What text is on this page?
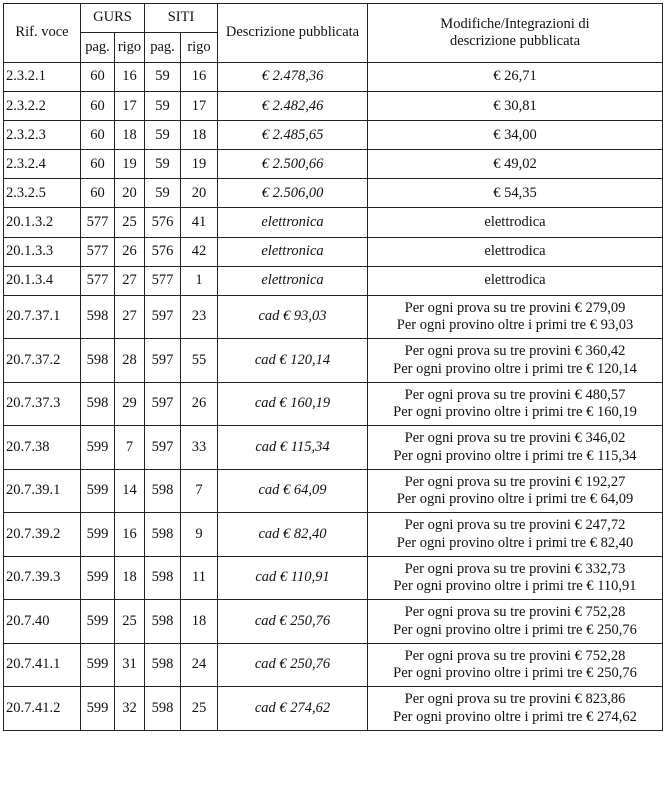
Rif. voce	GURS		SITI		Descrizione pubblicata	Modifiche/Integrazioni di
descrizione pubblicata

	pag.	rigo	pag.	rigo		
2.3.2.1	60	16	59	16	€ 2.478,36	€ 26,71

2.3.2.2	60	17	59	17	€ 2.482,46	€ 30,81

2.3.2.3	60	18	59	18	€ 2.485,65	€ 34,00

2.3.2.4	60	19	59	19	€ 2.500,66	€ 49,02

2.3.2.5	60	20	59	20	€ 2.506,00	€ 54,35

20.1.3.2	577	25	576	41	elettronica	elettrodica

20.1.3.3	577	26	576	42	elettronica	elettrodica

20.1.3.4	577	27	577	1	elettronica	elettrodica

20.7.37.1	598	27	597	23	cad € 93,03	Per ogni prova su tre provini € 279,09
Per ogni provino oltre i primi tre € 93,03

20.7.37.2	598	28	597	55	cad € 120,14	Per ogni prova su tre provini € 360,42
Per ogni provino oltre i primi tre € 120,14

20.7.37.3	598	29	597	26	cad € 160,19	Per ogni prova su tre provini € 480,57
Per ogni provino oltre i primi tre € 160,19

20.7.38	599	7	597	33	cad € 115,34	Per ogni prova su tre provini € 346,02
Per ogni provino oltre i primi tre € 115,34

20.7.39.1	599	14	598	7	cad € 64,09	Per ogni prova su tre provini € 192,27
Per ogni provino oltre i primi tre € 64,09

20.7.39.2	599	16	598	9	cad € 82,40	Per ogni prova su tre provini € 247,72
Per ogni provino oltre i primi tre € 82,40

20.7.39.3	599	18	598	11	cad € 110,91	Per ogni prova su tre provini € 332,73
Per ogni provino oltre i primi tre € 110,91

20.7.40	599	25	598	18	cad € 250,76	Per ogni prova su tre provini € 752,28
Per ogni provino oltre i primi tre € 250,76

20.7.41.1	599	31	598	24	cad € 250,76	Per ogni prova su tre provini € 752,28
Per ogni provino oltre i primi tre € 250,76

20.7.41.2	599	32	598	25	cad € 274,62	Per ogni prova su tre provini € 823,86
Per ogni provino oltre i primi tre € 274,62
